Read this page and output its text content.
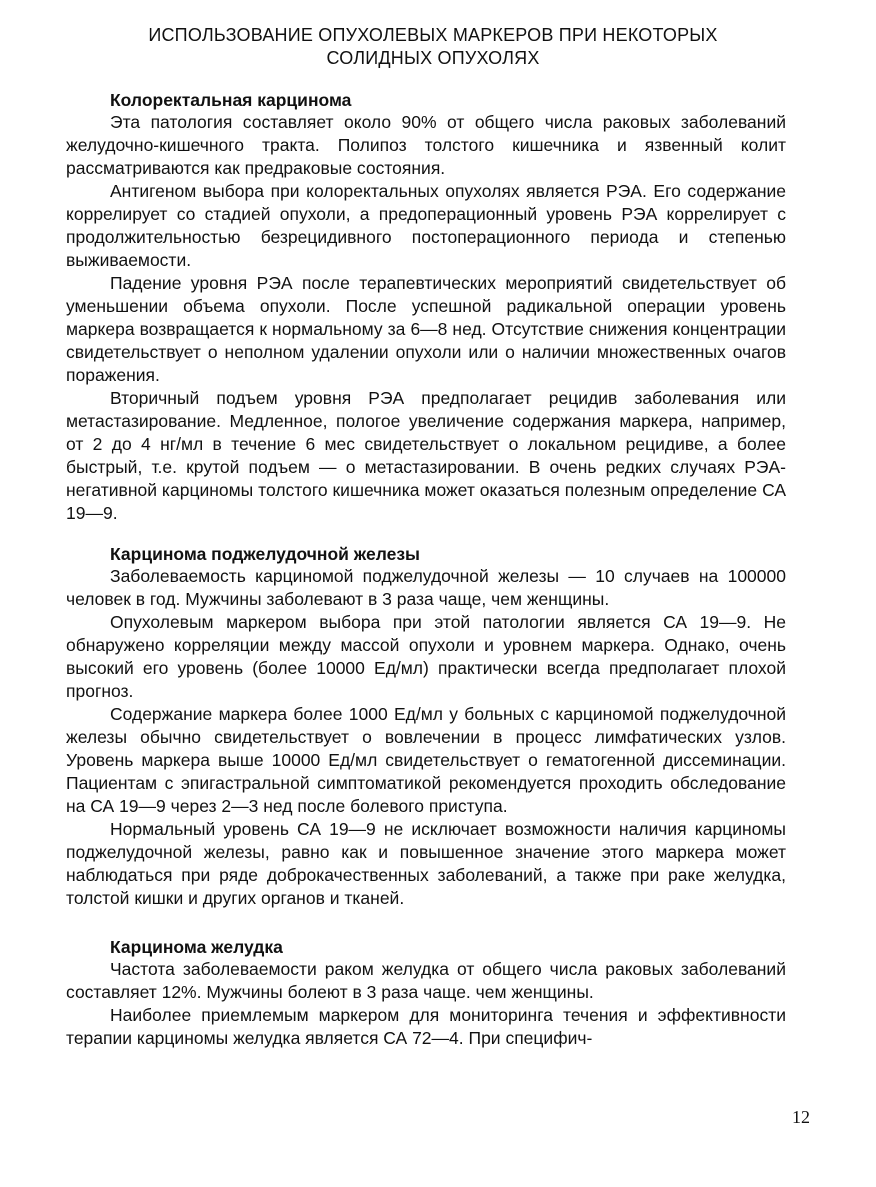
ИСПОЛЬЗОВАНИЕ ОПУХОЛЕВЫХ МАРКЕРОВ ПРИ НЕКОТОРЫХ
СОЛИДНЫХ ОПУХОЛЯХ
Колоректальная карцинома

Эта патология составляет около 90% от общего числа раковых заболеваний желудочно-кишечного тракта. Полипоз толстого кишечника и язвенный колит рассматриваются как предраковые состояния.

Антигеном выбора при колоректальных опухолях является РЭА. Его содержание коррелирует со стадией опухоли, а предоперационный уровень РЭА коррелирует с продолжительностью безрецидивного постоперационного периода и степенью выживаемости.

Падение уровня РЭА после терапевтических мероприятий свидетельствует об уменьшении объема опухоли. После успешной радикальной операции уровень маркера возвращается к нормальному за 6—8 нед. Отсутствие снижения концентрации свидетельствует о неполном удалении опухоли или о наличии множественных очагов поражения.

Вторичный подъем уровня РЭА предполагает рецидив заболевания или метастазирование. Медленное, пологое увеличение содержания маркера, например, от 2 до 4 нг/мл в течение 6 мес свидетельствует о локальном рецидиве, а более быстрый, т.е. крутой подъем — о метастазировании. В очень редких случаях РЭА-негативной карциномы толстого кишечника может оказаться полезным определение СА 19—9.

Карцинома поджелудочной железы

Заболеваемость карциномой поджелудочной железы — 10 случаев на 100000 человек в год. Мужчины заболевают в 3 раза чаще, чем женщины.

Опухолевым маркером выбора при этой патологии является СА 19—9. Не обнаружено корреляции между массой опухоли и уровнем маркера. Однако, очень высокий его уровень (более 10000 Ед/мл) практически всегда предполагает плохой прогноз.

Содержание маркера более 1000 Ед/мл у больных с карциномой поджелудочной железы обычно свидетельствует о вовлечении в процесс лимфатических узлов. Уровень маркера выше 10000 Ед/мл свидетельствует о гематогенной диссеминации. Пациентам с эпигастральной симптоматикой рекомендуется проходить обследование на СА 19—9 через 2—3 нед после болевого приступа.

Нормальный уровень СА 19—9 не исключает возможности наличия карциномы поджелудочной железы, равно как и повышенное значение этого маркера может наблюдаться при ряде доброкачественных заболеваний, а также при раке желудка, толстой кишки и других органов и тканей.

Карцинома желудка

Частота заболеваемости раком желудка от общего числа раковых заболеваний составляет 12%. Мужчины болеют в 3 раза чаще. чем женщины.

Наиболее приемлемым маркером для мониторинга течения и эффективности терапии карциномы желудка является СА 72—4. При специфич-

12
